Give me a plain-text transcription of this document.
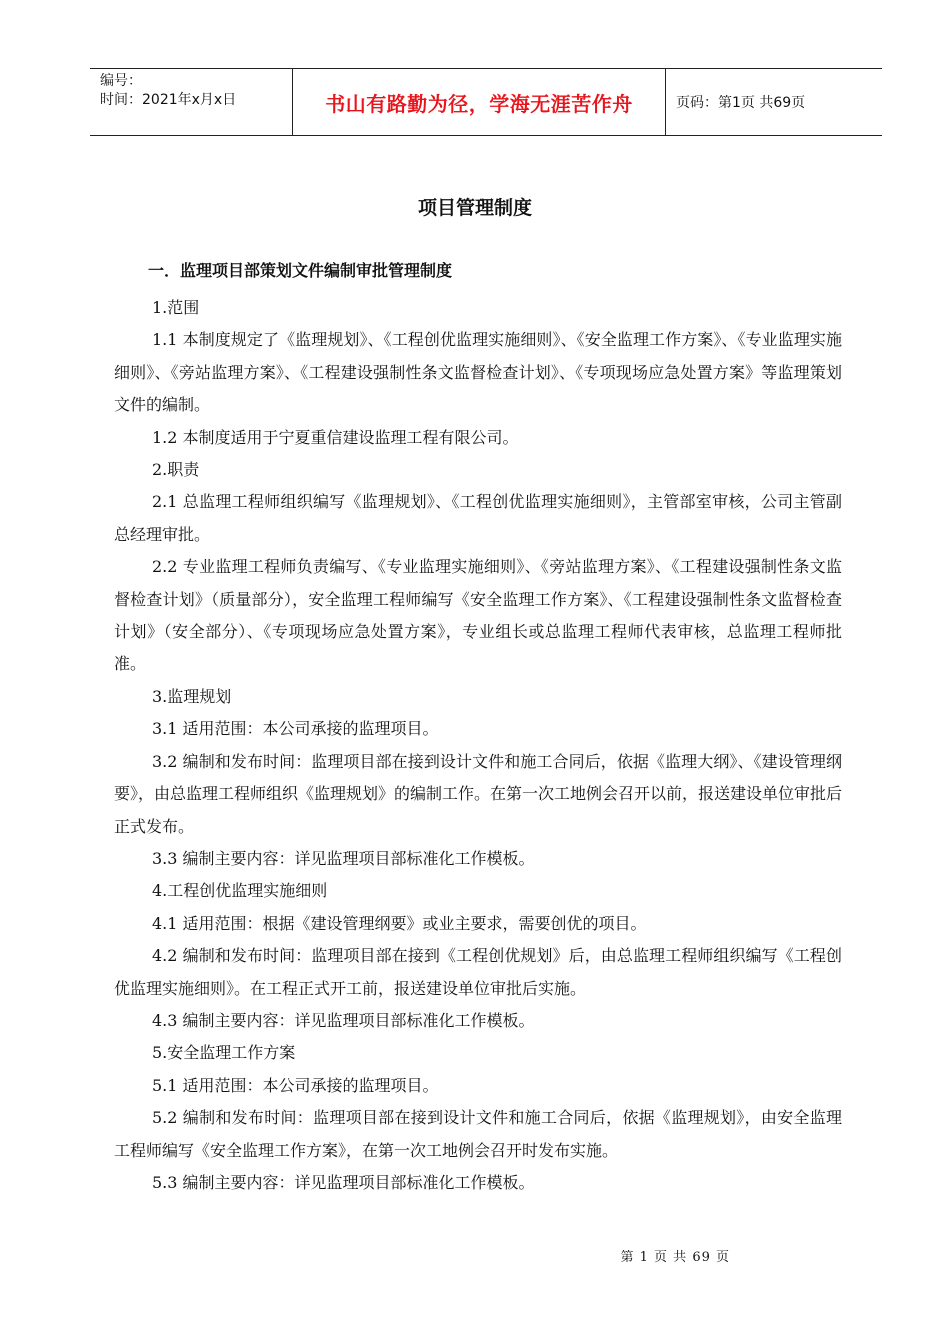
编号：
时间：2021年x月x日	书山有路勤为径，学海无涯苦作舟	页码：第1页 共69页
项目管理制度
一．监理项目部策划文件编制审批管理制度

1.范围

1.1 本制度规定了《监理规划》、《工程创优监理实施细则》、《安全监理工作方案》、《专业监理实施细则》、《旁站监理方案》、《工程建设强制性条文监督检查计划》、《专项现场应急处置方案》等监理策划文件的编制。

1.2 本制度适用于宁夏重信建设监理工程有限公司。

2.职责

2.1 总监理工程师组织编写《监理规划》、《工程创优监理实施细则》，主管部室审核，公司主管副总经理审批。

2.2 专业监理工程师负责编写、《专业监理实施细则》、《旁站监理方案》、《工程建设强制性条文监督检查计划》（质量部分），安全监理工程师编写《安全监理工作方案》、《工程建设强制性条文监督检查计划》（安全部分）、《专项现场应急处置方案》，专业组长或总监理工程师代表审核，总监理工程师批准。

3.监理规划

3.1 适用范围：本公司承接的监理项目。

3.2 编制和发布时间：监理项目部在接到设计文件和施工合同后，依据《监理大纲》、《建设管理纲要》，由总监理工程师组织《监理规划》的编制工作。在第一次工地例会召开以前，报送建设单位审批后正式发布。

3.3 编制主要内容：详见监理项目部标准化工作模板。

4.工程创优监理实施细则

4.1 适用范围：根据《建设管理纲要》或业主要求，需要创优的项目。

4.2 编制和发布时间：监理项目部在接到《工程创优规划》后，由总监理工程师组织编写《工程创优监理实施细则》。在工程正式开工前，报送建设单位审批后实施。

4.3 编制主要内容：详见监理项目部标准化工作模板。

5.安全监理工作方案

5.1 适用范围：本公司承接的监理项目。

5.2 编制和发布时间：监理项目部在接到设计文件和施工合同后，依据《监理规划》，由安全监理工程师编写《安全监理工作方案》，在第一次工地例会召开时发布实施。

5.3 编制主要内容：详见监理项目部标准化工作模板。

第 1 页 共 69 页
